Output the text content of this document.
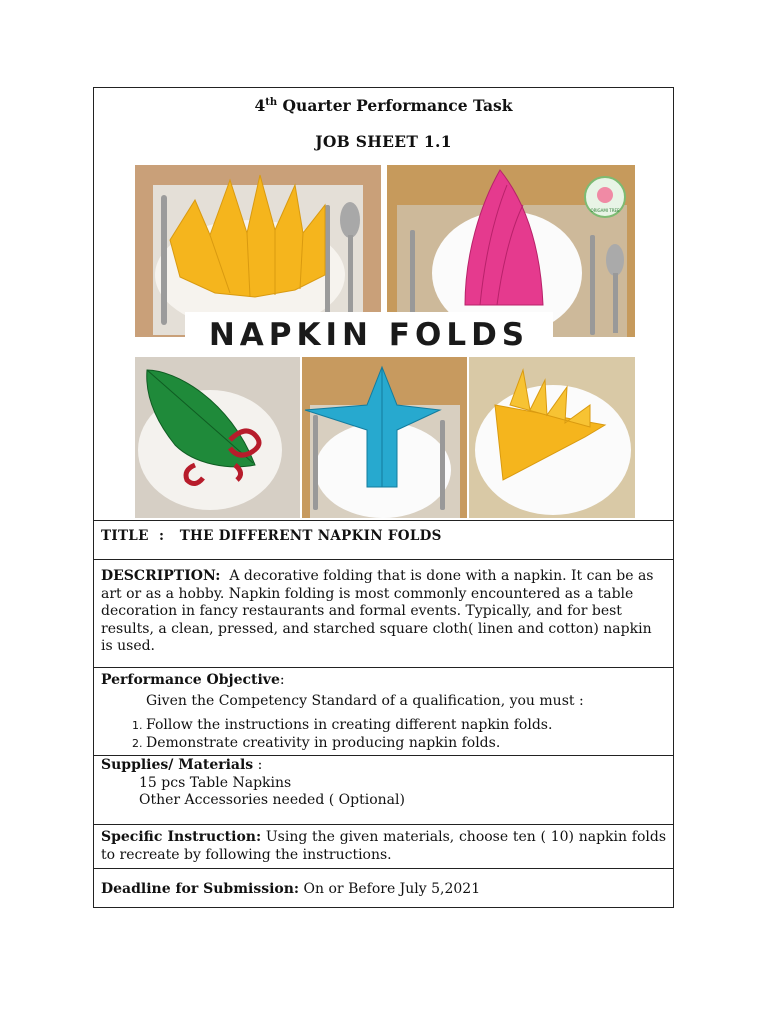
4th Quarter Performance Task
JOB SHEET 1.1
ORIGAMI TREE
NAPKIN FOLDS
TITLE : THE DIFFERENT NAPKIN FOLDS
DESCRIPTION: A decorative folding that is done with a napkin. It can be as art or as a hobby. Napkin folding is most commonly encountered as a table decoration in fancy restaurants and formal events. Typically, and for best results, a clean, pressed, and starched square cloth( linen and cotton) napkin is used.
Performance Objective:
Given the Competency Standard of a qualification, you must :
1. Follow the instructions in creating different napkin folds.
2. Demonstrate creativity in producing napkin folds.
Supplies/ Materials :
15 pcs Table Napkins
Other Accessories needed ( Optional)
Specific Instruction: Using the given materials, choose ten ( 10) napkin folds to recreate by following the instructions.
Deadline for Submission: On or Before July 5,2021
